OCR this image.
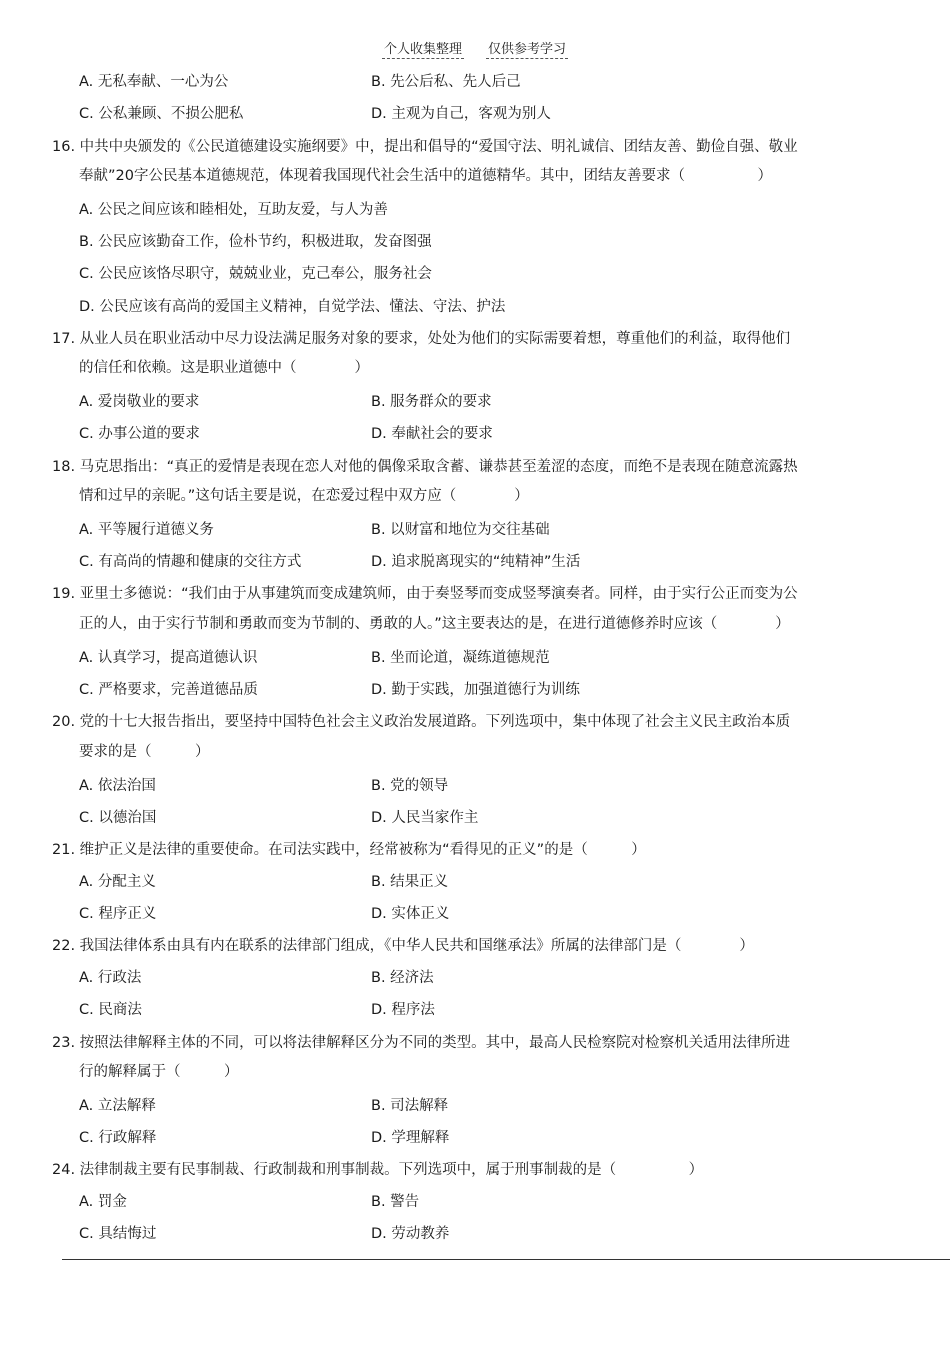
个人收集整理 仅供参考学习
A. 无私奉献、一心为公	B. 先公后私、先人后己
C. 公私兼顾、不损公肥私	D. 主观为自己，客观为别人
16. 中共中央颁发的《公民道德建设实施纲要》中，提出和倡导的“爱国守法、明礼诚信、团结友善、勤俭自强、敬业
奉献”20字公民基本道德规范，体现着我国现代社会生活中的道德精华。其中，团结友善要求（　　　　　）
A. 公民之间应该和睦相处，互助友爱，与人为善
B. 公民应该勤奋工作，俭朴节约，积极进取，发奋图强
C. 公民应该恪尽职守，兢兢业业，克己奉公，服务社会
D. 公民应该有高尚的爱国主义精神，自觉学法、懂法、守法、护法
17. 从业人员在职业活动中尽力设法满足服务对象的要求，处处为他们的实际需要着想，尊重他们的利益，取得他们
的信任和依赖。这是职业道德中（　　　　）
A. 爱岗敬业的要求	B. 服务群众的要求
C. 办事公道的要求	D. 奉献社会的要求
18. 马克思指出：“真正的爱情是表现在恋人对他的偶像采取含蓄、谦恭甚至羞涩的态度，而绝不是表现在随意流露热
情和过早的亲昵。”这句话主要是说，在恋爱过程中双方应（　　　　）
A. 平等履行道德义务	B. 以财富和地位为交往基础
C. 有高尚的情趣和健康的交往方式	D. 追求脱离现实的“纯精神”生活
19. 亚里士多德说：“我们由于从事建筑而变成建筑师，由于奏竖琴而变成竖琴演奏者。同样，由于实行公正而变为公
正的人，由于实行节制和勇敢而变为节制的、勇敢的人。”这主要表达的是，在进行道德修养时应该（　　　　）
A. 认真学习，提高道德认识	B. 坐而论道，凝练道德规范
C. 严格要求，完善道德品质	D. 勤于实践，加强道德行为训练
20. 党的十七大报告指出，要坚持中国特色社会主义政治发展道路。下列选项中，集中体现了社会主义民主政治本质
要求的是（　　　）
A. 依法治国	B. 党的领导
C. 以德治国	D. 人民当家作主
21. 维护正义是法律的重要使命。在司法实践中，经常被称为“看得见的正义”的是（　　　）
A. 分配主义	B. 结果正义
C. 程序正义	D. 实体正义
22. 我国法律体系由具有内在联系的法律部门组成，《中华人民共和国继承法》所属的法律部门是（　　　　）
A. 行政法	B. 经济法
C. 民商法	D. 程序法
23. 按照法律解释主体的不同，可以将法律解释区分为不同的类型。其中，最高人民检察院对检察机关适用法律所进
行的解释属于（　　　）
A. 立法解释	B. 司法解释
C. 行政解释	D. 学理解释
24. 法律制裁主要有民事制裁、行政制裁和刑事制裁。下列选项中，属于刑事制裁的是（　　　　　）
A. 罚金	B. 警告
C. 具结悔过	D. 劳动教养
